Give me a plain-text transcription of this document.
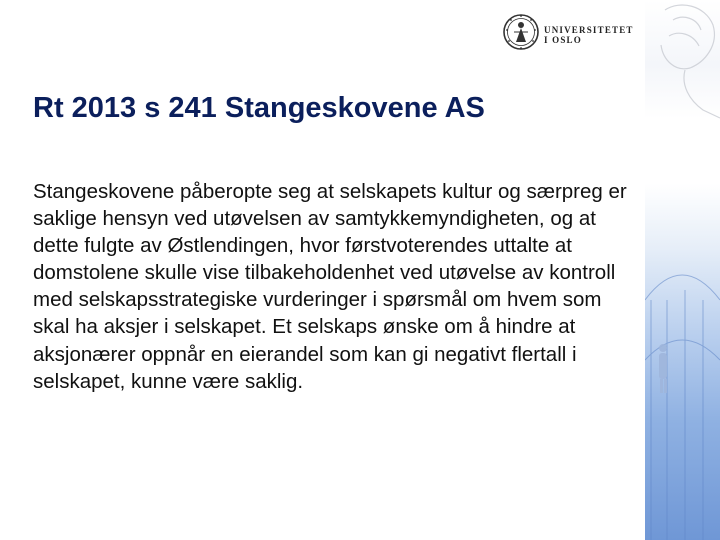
UNIVERSITETET
I OSLO
Rt 2013 s 241 Stangeskovene AS

Stangeskovene påberopte seg at selskapets kultur og særpreg er saklige hensyn ved utøvelsen av samtykkemyndigheten, og at dette fulgte av Østlendingen, hvor førstvoterendes uttalte at domstolene skulle vise tilbakeholdenhet ved utøvelse av kontroll med selskapsstrategiske vurderinger i spørsmål om hvem som skal ha aksjer i selskapet. Et selskaps ønske om å hindre at aksjonærer oppnår en eierandel som kan gi negativt flertall i selskapet, kunne være saklig.
